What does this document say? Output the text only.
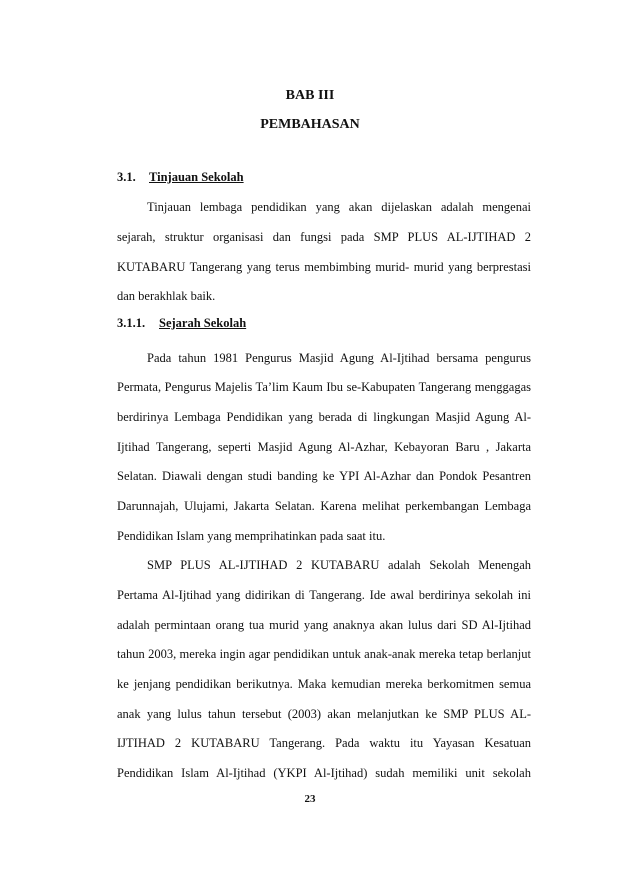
BAB III
PEMBAHASAN
3.1. Tinjauan Sekolah
Tinjauan lembaga pendidikan yang akan dijelaskan adalah mengenai
sejarah, struktur organisasi dan fungsi pada SMP PLUS AL-IJTIHAD 2
KUTABARU Tangerang yang terus membimbing murid- murid yang berprestasi
dan berakhlak baik.
3.1.1. Sejarah Sekolah
Pada tahun 1981 Pengurus Masjid Agung Al-Ijtihad bersama pengurus
Permata, Pengurus Majelis Ta’lim Kaum Ibu se-Kabupaten Tangerang menggagas
berdirinya Lembaga Pendidikan yang berada di lingkungan Masjid Agung Al-
Ijtihad Tangerang, seperti Masjid Agung Al-Azhar, Kebayoran Baru , Jakarta
Selatan. Diawali dengan studi banding ke YPI Al-Azhar dan Pondok Pesantren
Darunnajah, Ulujami, Jakarta Selatan. Karena melihat perkembangan Lembaga
Pendidikan Islam yang memprihatinkan pada saat itu.
SMP PLUS AL-IJTIHAD 2 KUTABARU adalah Sekolah Menengah
Pertama Al-Ijtihad yang didirikan di Tangerang. Ide awal berdirinya sekolah ini
adalah permintaan orang tua murid yang anaknya akan lulus dari SD Al-Ijtihad
tahun 2003, mereka ingin agar pendidikan untuk anak-anak mereka tetap berlanjut
ke jenjang pendidikan berikutnya. Maka kemudian mereka berkomitmen semua
anak yang lulus tahun tersebut (2003) akan melanjutkan ke SMP PLUS AL-
IJTIHAD 2 KUTABARU Tangerang. Pada waktu itu Yayasan Kesatuan
Pendidikan Islam Al-Ijtihad (YKPI Al-Ijtihad) sudah memiliki unit sekolah
23
